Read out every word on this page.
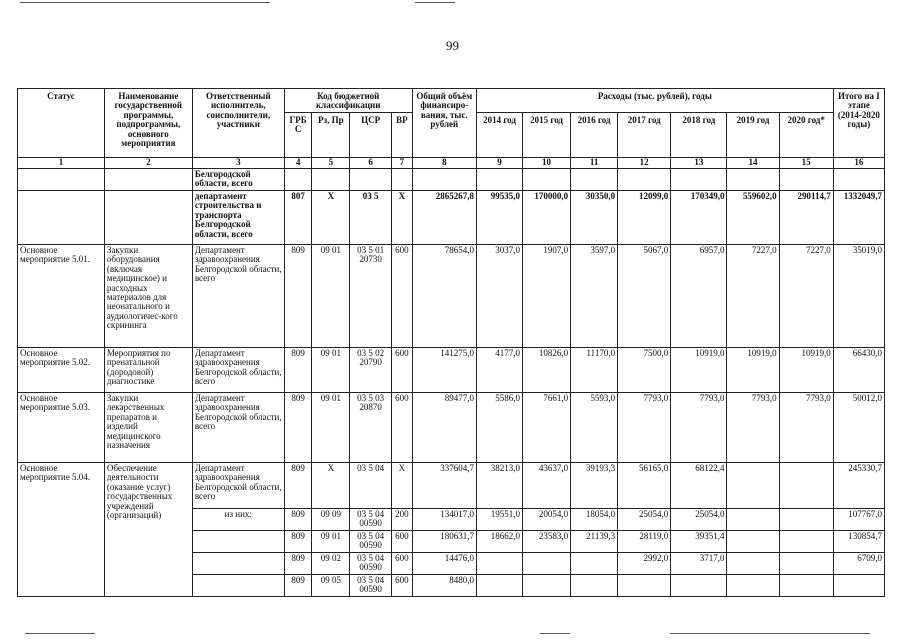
99
Статус	Наименование государственной программы, подпрограммы, основного мероприятия	Ответственный исполнитель, соисполнители, участники	Код бюджетной классификации				Общий объём финансиро-вания, тыс. рублей	Расходы (тыс. рублей), годы							Итого на I этапе (2014-2020 годы)
			ГРБС	Рз, Пр	ЦСР	ВР		2014 год	2015 год	2016 год	2017 год	2018 год	2019 год	2020 год*	
1	2	3	4	5	6	7	8	9	10	11	12	13	14	15	16
		Белгородской области, всего													
		департамент строительства и транспорта Белгородской области, всего	807	Х	03 5	Х	2865267,8	99535,0	170000,0	30350,0	12099,0	170349,0	559602,0	290114,7	1332049,7
Основное мероприятие 5.01.	Закупки оборудования (включая медицинское) и расходных материалов для неонатального и аудиологичес-кого скрининга	Департамент здравоохранения Белгородской области, всего	809	09 01	03 5 01 20730	600	78654,0	3037,0	1907,0	3597,0	5067,0	6957,0	7227,0	7227,0	35019,0
Основное мероприятие 5.02.	Мероприятия по пренатальной (дородовой) диагностике	Департамент здравоохранения Белгородской области, всего	809	09 01	03 5 02 20790	600	141275,0	4177,0	10826,0	11170,0	7500,0	10919,0	10919,0	10919,0	66430,0
Основное мероприятие 5.03.	Закупки лекарственных препаратов и изделий медицинского назначения	Департамент здравоохранения Белгородской области, всего	809	09 01	03 5 03 20870	600	89477,0	5586,0	7661,0	5593,0	7793,0	7793,0	7793,0	7793,0	50012,0
Основное мероприятие 5.04.	Обеспечение деятельности (оказание услуг) государственных учреждений (организаций)	Департамент здравоохранения Белгородской области, всего	809	Х	03 5 04	Х	337604,7	38213,0	43637,0	39193,3	56165,0	68122,4			245330,7
		из них:	809	09 09	03 5 04 00590	200	134017,0	19551,0	20054,0	18054,0	25054,0	25054,0			107767,0
			809	09 01	03 5 04 00590	600	180631,7	18662,0	23583,0	21139,3	28119,0	39351,4			130854,7
			809	09 02	03 5 04 00590	600	14476,0				2992,0	3717,0			6709,0
			809	09 05	03 5 04 00590	600	8480,0								
